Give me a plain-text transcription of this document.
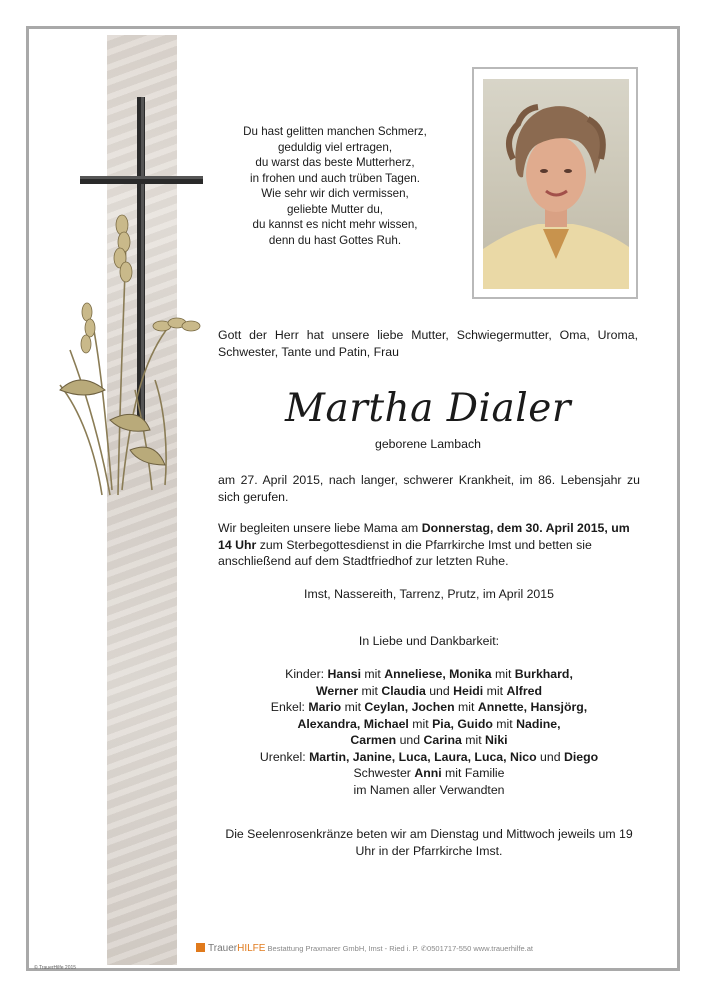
Du hast gelitten manchen Schmerz,
geduldig viel ertragen,
du warst das beste Mutterherz,
in frohen und auch trüben Tagen.
Wie sehr wir dich vermissen,
geliebte Mutter du,
du kannst es nicht mehr wissen,
denn du hast Gottes Ruh.
Gott der Herr hat unsere liebe Mutter, Schwiegermutter, Oma, Uroma, Schwester, Tante und Patin, Frau
Martha Dialer
geborene Lambach
am 27. April 2015, nach langer, schwerer Krankheit, im 86. Lebensjahr zu sich gerufen.
Wir begleiten unsere liebe Mama am Donnerstag, dem 30. April 2015, um 14 Uhr zum Sterbegottesdienst in die Pfarrkirche Imst und betten sie anschließend auf dem Stadtfriedhof zur letzten Ruhe.
Imst, Nassereith, Tarrenz, Prutz, im April 2015
In Liebe und Dankbarkeit:
Kinder: Hansi mit Anneliese, Monika mit Burkhard,
Werner mit Claudia und Heidi mit Alfred
Enkel: Mario mit Ceylan, Jochen mit Annette, Hansjörg,
Alexandra, Michael mit Pia, Guido mit Nadine,
Carmen und Carina mit Niki
Urenkel: Martin, Janine, Luca, Laura, Luca, Nico und Diego
Schwester Anni mit Familie
im Namen aller Verwandten
Die Seelenrosenkränze beten wir am Dienstag und Mittwoch jeweils um 19 Uhr in der Pfarrkirche Imst.
TrauerHILFE Bestattung Praxmarer GmbH, Imst - Ried i. P. ✆0501717-550 www.trauerhilfe.at
© TrauerHilfe 2015
